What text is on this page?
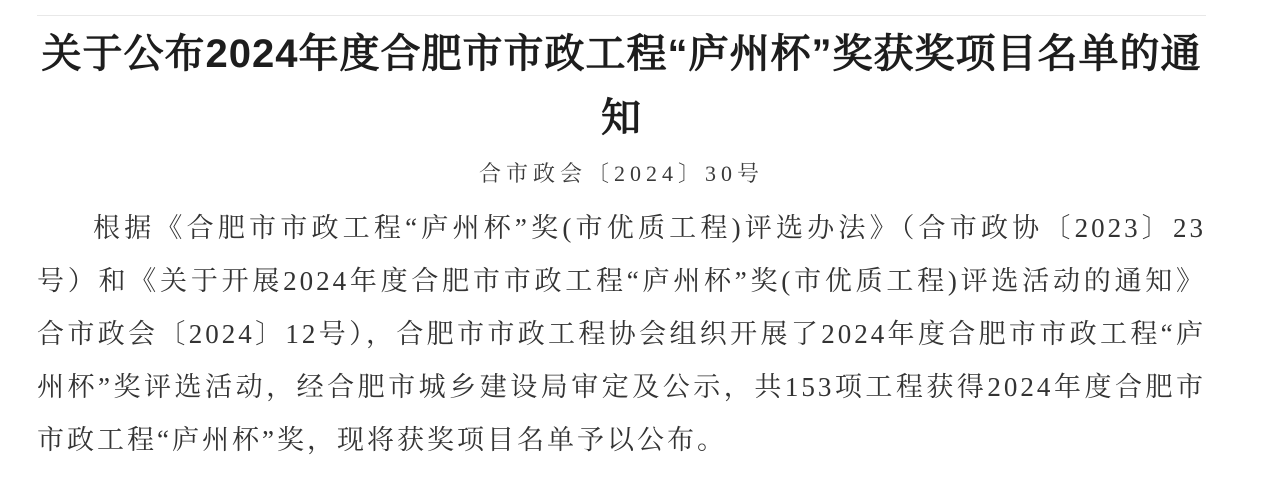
关于公布2024年度合肥市市政工程“庐州杯”奖获奖项目名单的通知
合市政会〔2024〕30号

根据《合肥市市政工程“庐州杯”奖(市优质工程)评选办法》（合市政协〔2023〕23号）和《关于开展2024年度合肥市市政工程“庐州杯”奖(市优质工程)评选活动的通知》合市政会〔2024〕12号），合肥市市政工程协会组织开展了2024年度合肥市市政工程“庐州杯”奖评选活动，经合肥市城乡建设局审定及公示，共153项工程获得2024年度合肥市市政工程“庐州杯”奖，现将获奖项目名单予以公布。
